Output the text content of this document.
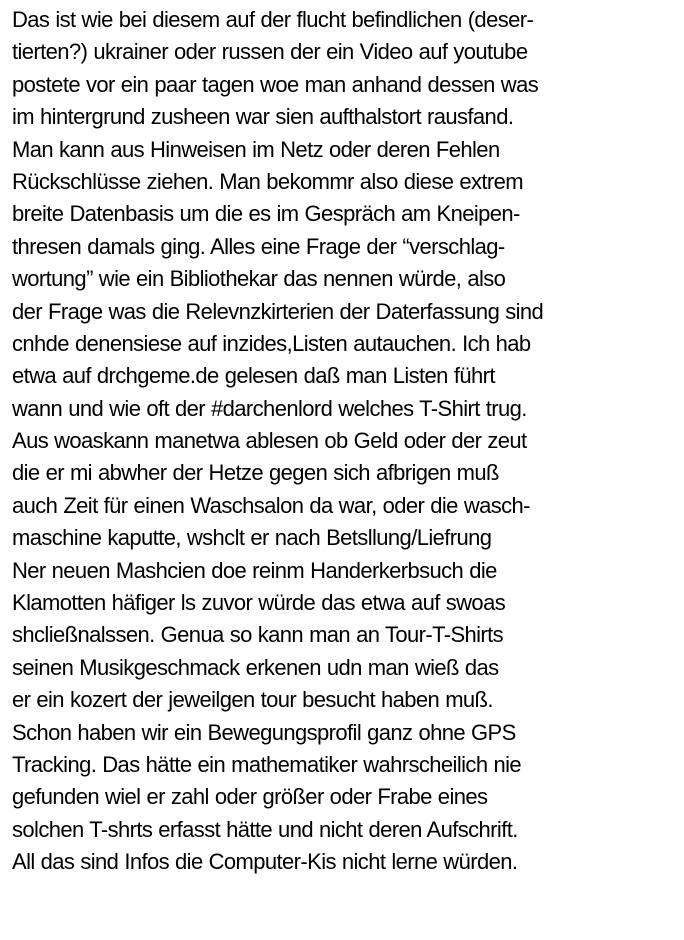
Das ist wie bei diesem auf der flucht befindlichen (deser-
tierten?) ukrainer oder russen der ein Video auf youtube
postete vor ein paar tagen woe man anhand dessen was
im hintergrund zusheen war sien aufthalstort rausfand.
Man kann aus Hinweisen im Netz oder deren Fehlen
Rückschlüsse ziehen. Man bekommr also diese extrem
breite Datenbasis um die es im Gespräch am Kneipen-
thresen damals ging. Alles eine Frage der “verschlag-
wortung” wie ein Bibliothekar das nennen würde, also
der Frage was die Relevnzkirterien der Daterfassung sind
cnhde denensiese auf inzides,Listen autauchen. Ich hab
etwa auf drchgeme.de gelesen daß man Listen führt
wann und wie oft der #darchenlord welches T-Shirt trug.
Aus woaskann manetwa ablesen ob Geld oder der zeut
die er mi abwher der Hetze gegen sich afbrigen muß
auch Zeit für einen Waschsalon da war, oder die wasch-
maschine kaputte, wshclt er nach Betsllung/Liefrung
Ner neuen Mashcien doe reinm Handerkerbsuch die
Klamotten häfiger ls zuvor würde das etwa auf swoas
shcließnalssen. Genua so kann man an Tour-T-Shirts
seinen Musikgeschmack erkenen udn man wieß das
er ein kozert der jeweilgen tour besucht haben muß.
Schon haben wir ein Bewegungsprofil ganz ohne GPS
Tracking. Das hätte ein mathematiker wahrscheilich nie
gefunden wiel er zahl oder größer oder Frabe eines
solchen T-shrts erfasst hätte und nicht deren Aufschrift.
All das sind Infos die Computer-Kis nicht lerne würden.
